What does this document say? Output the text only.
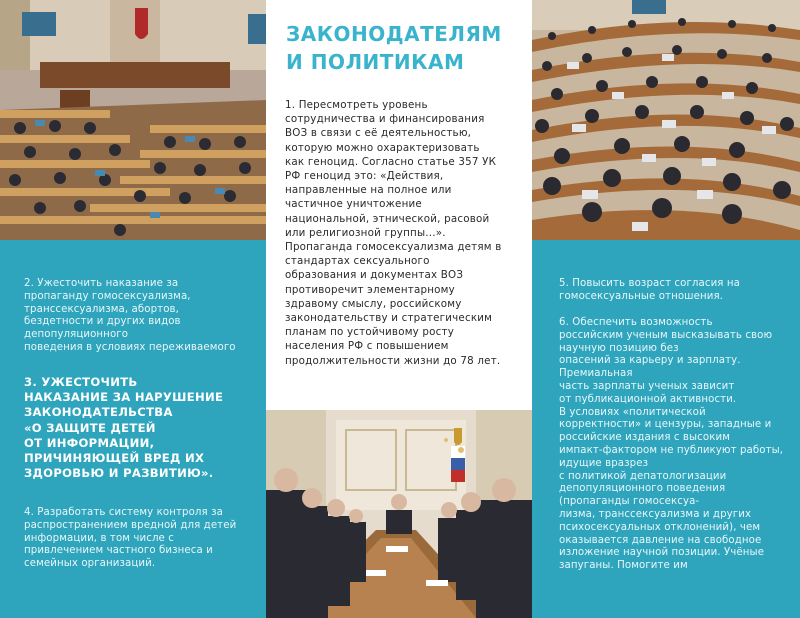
ЗАКОНОДАТЕЛЯМ
И ПОЛИТИКАМ

1. Пересмотреть уровень
сотрудничества и финансирования
ВОЗ в связи с её деятельностью,
которую можно охарактеризовать
как геноцид. Согласно статье 357 УК
РФ геноцид это: «Действия,
направленные на полное или
частичное уничтожение
национальной, этнической, расовой
или религиозной группы...».
Пропаганда гомосексуализма детям в
стандартах сексуального
образования и документах ВОЗ
противоречит элементарному
здравому смыслу, российскому
законодательству и стратегическим
планам по устойчивому росту
населения РФ с повышением
продолжительности жизни до 78 лет.

2. Ужесточить наказание за
пропаганду гомосексуализма,
транссексуализма, абортов,
бездетности и других видов
депопуляционного
поведения в условиях переживаемого

3. УЖЕСТОЧИТЬ
НАКАЗАНИЕ ЗА НАРУШЕНИЕ
ЗАКОНОДАТЕЛЬСТВА
«О ЗАЩИТЕ ДЕТЕЙ
ОТ ИНФОРМАЦИИ,
ПРИЧИНЯЮЩЕЙ ВРЕД ИХ
ЗДОРОВЬЮ И РАЗВИТИЮ».

4. Разработать систему контроля за
распространением вредной для детей
информации, в том числе с
привлечением частного бизнеса и
семейных организаций.

5. Повысить возраст согласия на
гомосексуальные отношения.

6. Обеспечить возможность
российским ученым высказывать свою
научную позицию без
опасений за карьеру и зарплату.
Премиальная
часть зарплаты ученых зависит
от публикационной активности.
В условиях «политической
корректности» и цензуры, западные и
российские издания с высоким
импакт-фактором не публикуют работы,
идущие вразрез
с политикой депатологизации
депопуляционного поведения
(пропаганды гомосексуа-
лизма, транссексуализма и других
психосексуальных отклонений), чем
оказывается давление на свободное
изложение научной позиции. Учёные
запуганы. Помогите им
